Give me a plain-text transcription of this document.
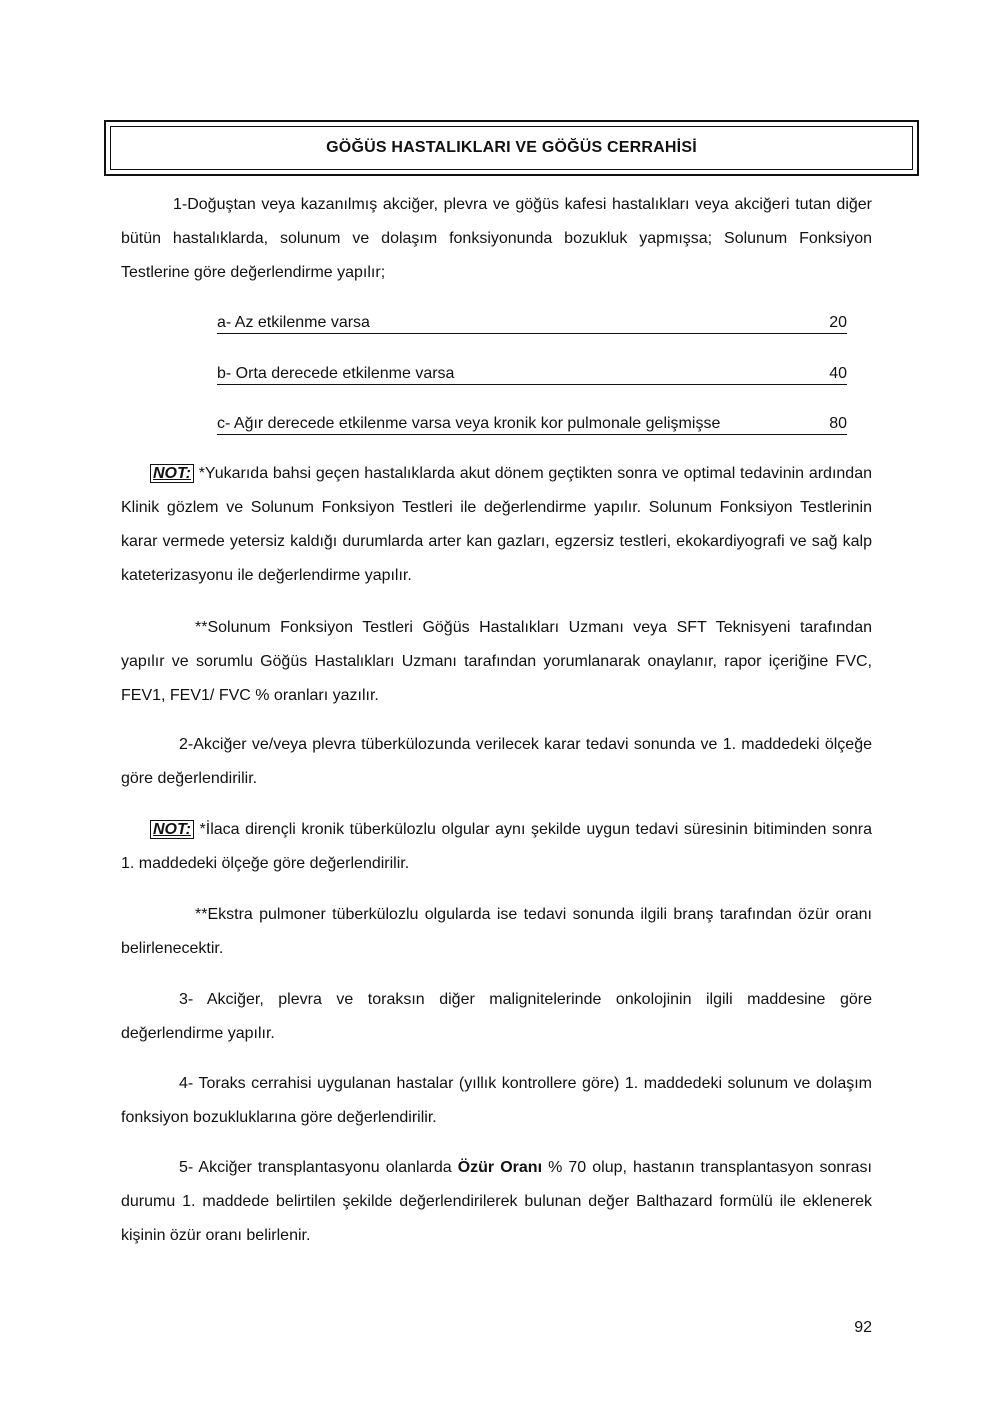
GÖĞÜS HASTALIKLARI VE GÖĞÜS CERRAHİSİ
1-Doğuştan veya kazanılmış akciğer, plevra ve göğüs kafesi hastalıkları veya akciğeri tutan diğer bütün hastalıklarda, solunum ve dolaşım fonksiyonunda bozukluk yapmışsa; Solunum Fonksiyon Testlerine göre değerlendirme yapılır;
a- Az etkilenme varsa	20
b- Orta derecede etkilenme varsa	40
c- Ağır derecede etkilenme varsa veya kronik kor pulmonale gelişmişse	80
NOT: *Yukarıda bahsi geçen hastalıklarda akut dönem geçtikten sonra ve optimal tedavinin ardından Klinik gözlem ve Solunum Fonksiyon Testleri ile değerlendirme yapılır. Solunum Fonksiyon Testlerinin karar vermede yetersiz kaldığı durumlarda arter kan gazları, egzersiz testleri, ekokardiyografi ve sağ kalp kateterizasyonu ile değerlendirme yapılır.
**Solunum Fonksiyon Testleri Göğüs Hastalıkları Uzmanı veya SFT Teknisyeni tarafından yapılır ve sorumlu Göğüs Hastalıkları Uzmanı tarafından yorumlanarak onaylanır, rapor içeriğine FVC, FEV1, FEV1/ FVC % oranları yazılır.
2-Akciğer ve/veya plevra tüberkülozunda verilecek karar tedavi sonunda ve 1. maddedeki ölçeğe göre değerlendirilir.
NOT: *İlaca dirençli kronik tüberkülozlu olgular aynı şekilde uygun tedavi süresinin bitiminden sonra 1. maddedeki ölçeğe göre değerlendirilir.
**Ekstra pulmoner tüberkülozlu olgularda ise tedavi sonunda ilgili branş tarafından özür oranı belirlenecektir.
3- Akciğer, plevra ve toraksın diğer malignitelerinde onkolojinin ilgili maddesine göre değerlendirme yapılır.
4- Toraks cerrahisi uygulanan hastalar (yıllık kontrollere göre) 1. maddedeki solunum ve dolaşım fonksiyon bozukluklarına göre değerlendirilir.
5- Akciğer transplantasyonu olanlarda Özür Oranı % 70 olup, hastanın transplantasyon sonrası durumu 1. maddede belirtilen şekilde değerlendirilerek bulunan değer Balthazard formülü ile eklenerek kişinin özür oranı belirlenir.
92
